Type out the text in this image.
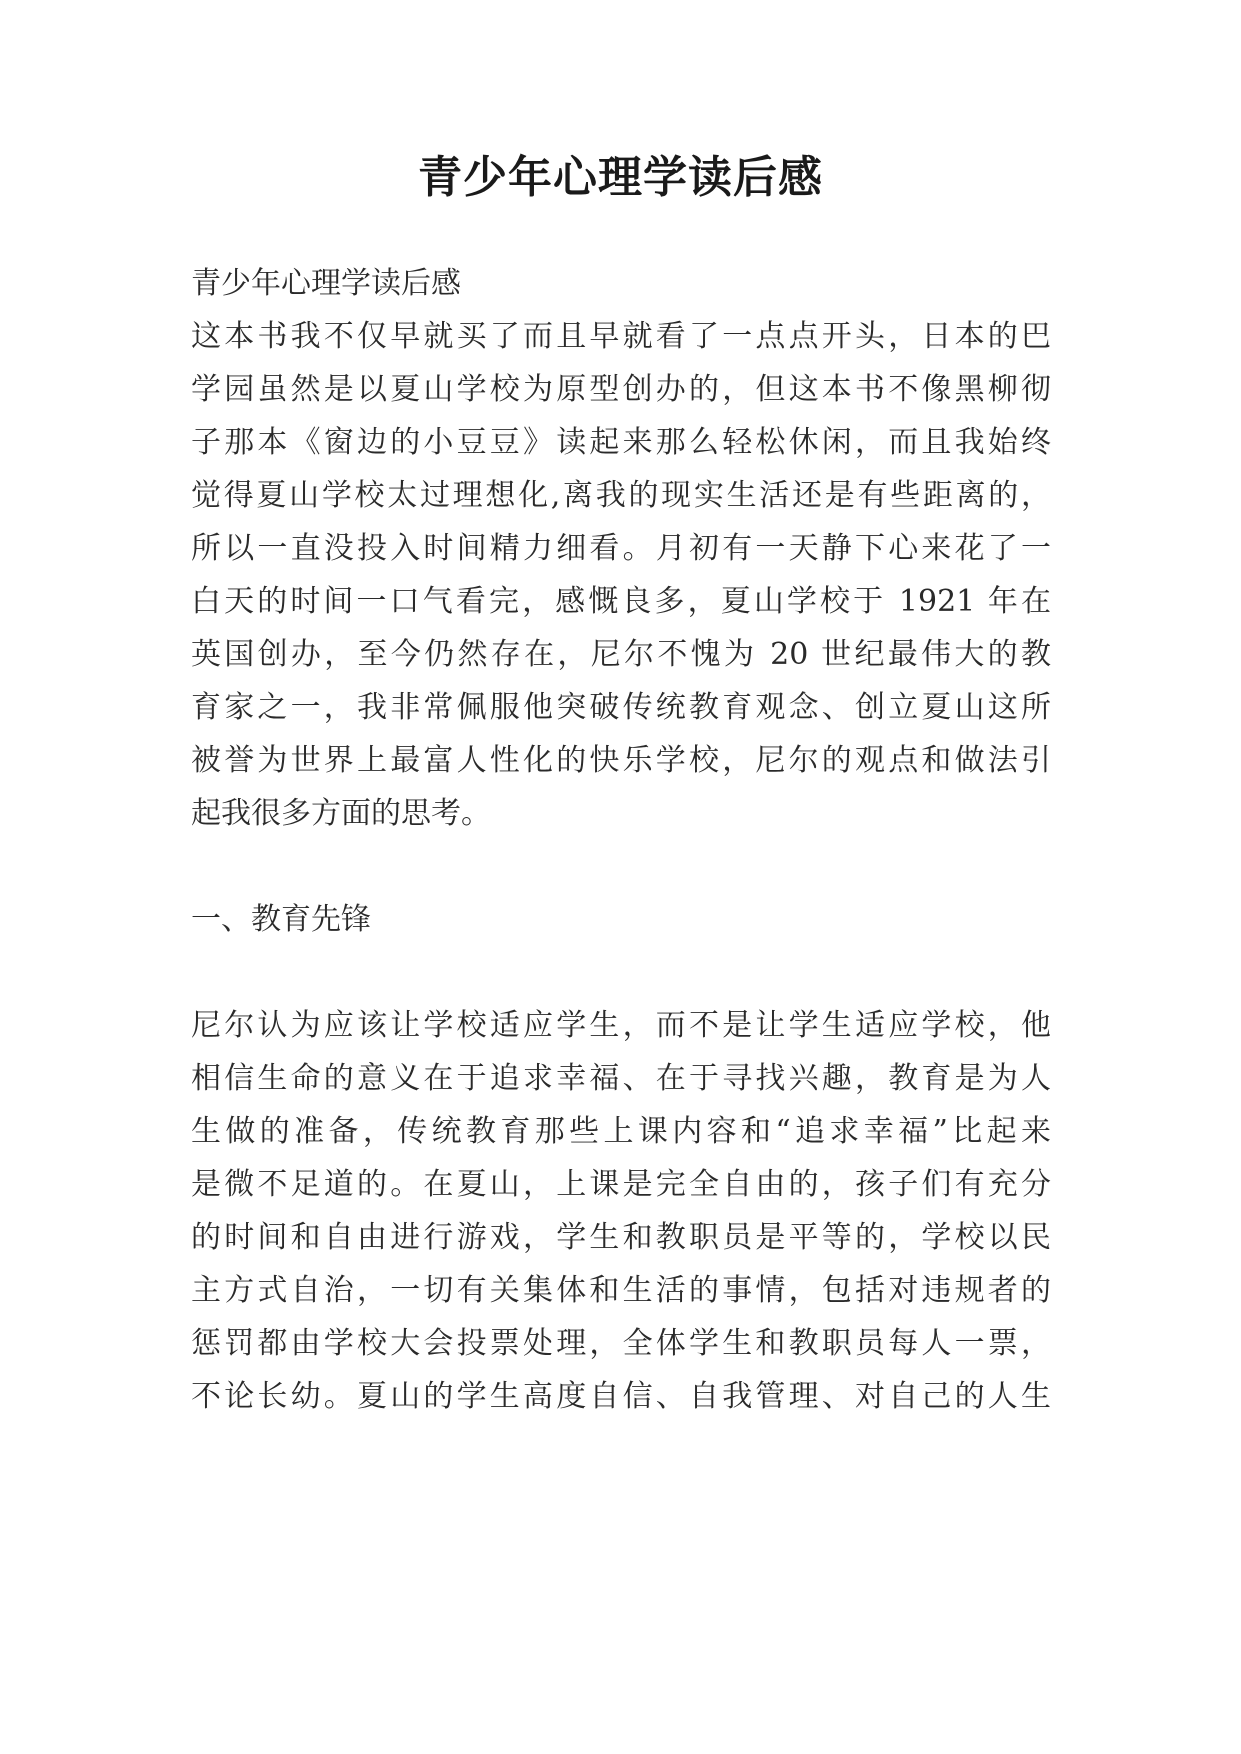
青少年心理学读后感
青少年心理学读后感
这本书我不仅早就买了而且早就看了一点点开头，日本的巴
学园虽然是以夏山学校为原型创办的，但这本书不像黑柳彻
子那本《窗边的小豆豆》读起来那么轻松休闲，而且我始终
觉得夏山学校太过理想化,离我的现实生活还是有些距离的，
所以一直没投入时间精力细看。月初有一天静下心来花了一
白天的时间一口气看完，感慨良多，夏山学校于 1921 年在
英国创办，至今仍然存在，尼尔不愧为 20 世纪最伟大的教
育家之一，我非常佩服他突破传统教育观念、创立夏山这所
被誉为世界上最富人性化的快乐学校，尼尔的观点和做法引
起我很多方面的思考。
一、教育先锋
尼尔认为应该让学校适应学生，而不是让学生适应学校，他
相信生命的意义在于追求幸福、在于寻找兴趣，教育是为人
生做的准备，传统教育那些上课内容和“追求幸福”比起来
是微不足道的。在夏山，上课是完全自由的，孩子们有充分
的时间和自由进行游戏，学生和教职员是平等的，学校以民
主方式自治，一切有关集体和生活的事情，包括对违规者的
惩罚都由学校大会投票处理，全体学生和教职员每人一票，
不论长幼。夏山的学生高度自信、自我管理、对自己的人生
